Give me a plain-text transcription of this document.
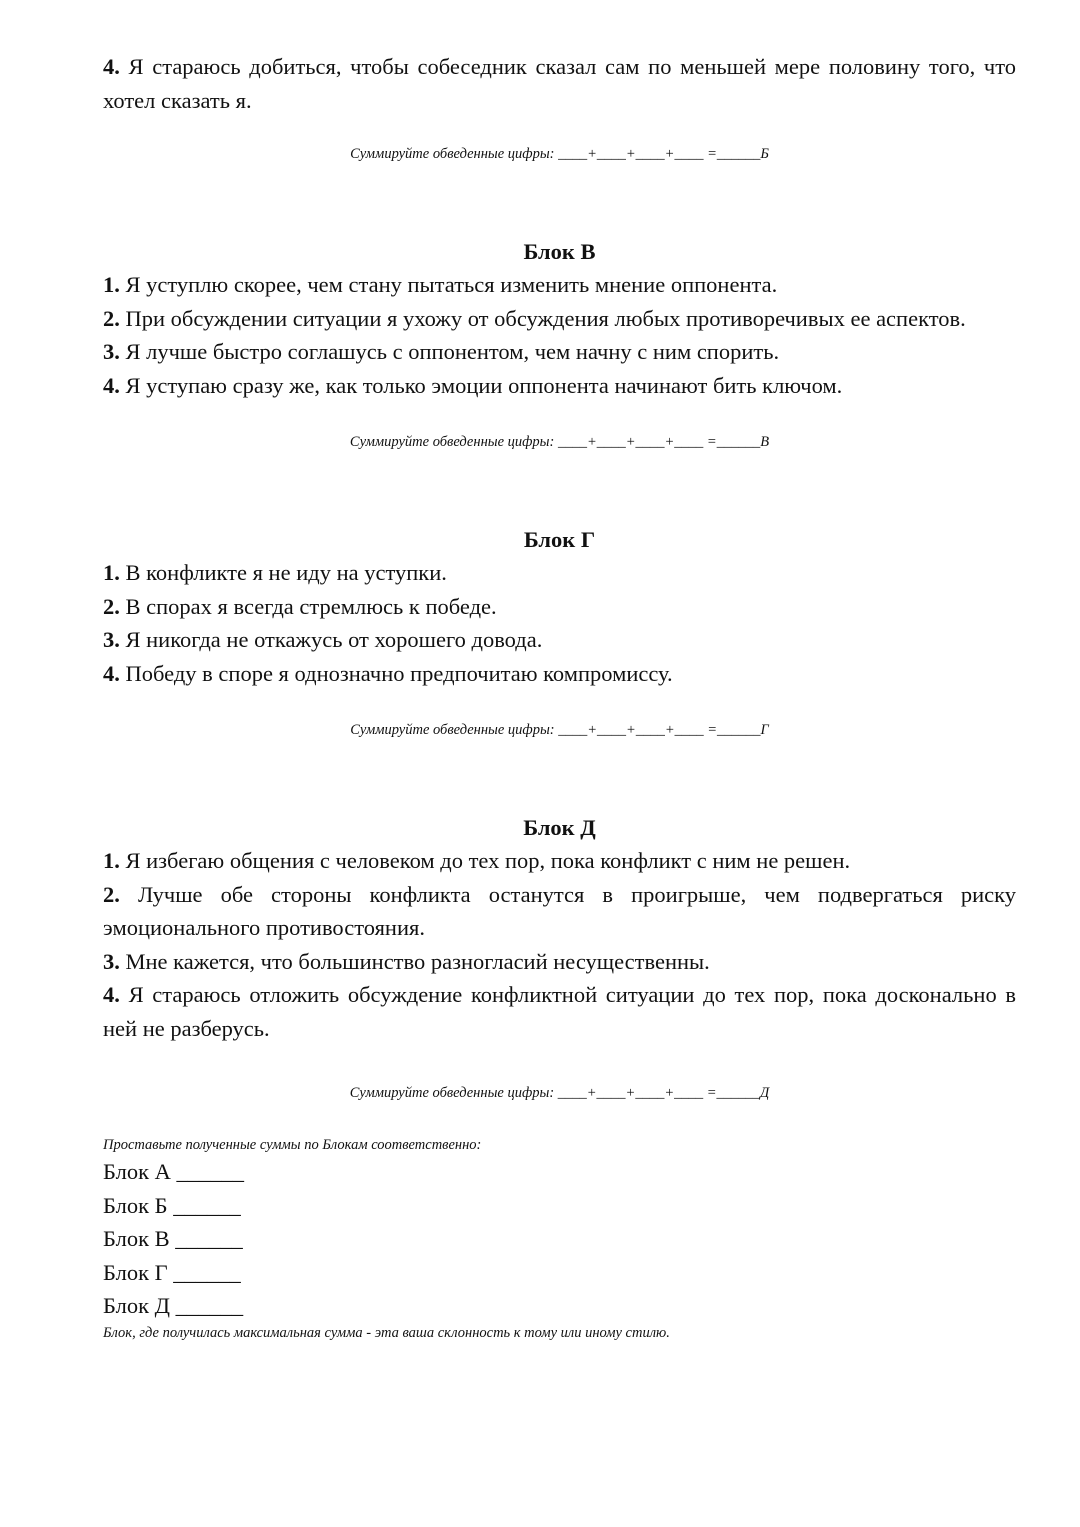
4. Я стараюсь добиться, чтобы собеседник сказал сам по меньшей мере половину того, что хотел сказать я.

Суммируйте обведенные цифры: ____+____+____+____ =______Б

Блок В

1. Я уступлю скорее, чем стану пытаться изменить мнение оппонента.

2. При обсуждении ситуации я ухожу от обсуждения любых противоречивых ее аспектов.

3. Я лучше быстро соглашусь с оппонентом, чем начну с ним спорить.

4. Я уступаю сразу же, как только эмоции оппонента начинают бить ключом.

Суммируйте обведенные цифры: ____+____+____+____ =______В

Блок Г

1. В конфликте я не иду на уступки.

2. В спорах я всегда стремлюсь к победе.

3. Я никогда не откажусь от хорошего довода.

4. Победу в споре я однозначно предпочитаю компромиссу.

Суммируйте обведенные цифры: ____+____+____+____ =______Г

Блок Д

1. Я избегаю общения с человеком до тех пор, пока конфликт с ним не решен.

2. Лучше обе стороны конфликта останутся в проигрыше, чем подвергаться риску эмоционального противостояния.

3. Мне кажется, что большинство разногласий несущественны.

4. Я стараюсь отложить обсуждение конфликтной ситуации до тех пор, пока досконально в ней не разберусь.

Суммируйте обведенные цифры: ____+____+____+____ =______Д

Проставьте полученные суммы по Блокам соответственно:

Блок А ______

Блок Б ______

Блок В ______

Блок Г ______

Блок Д ______

Блок, где получилась максимальная сумма - эта ваша склонность к тому или иному стилю.
